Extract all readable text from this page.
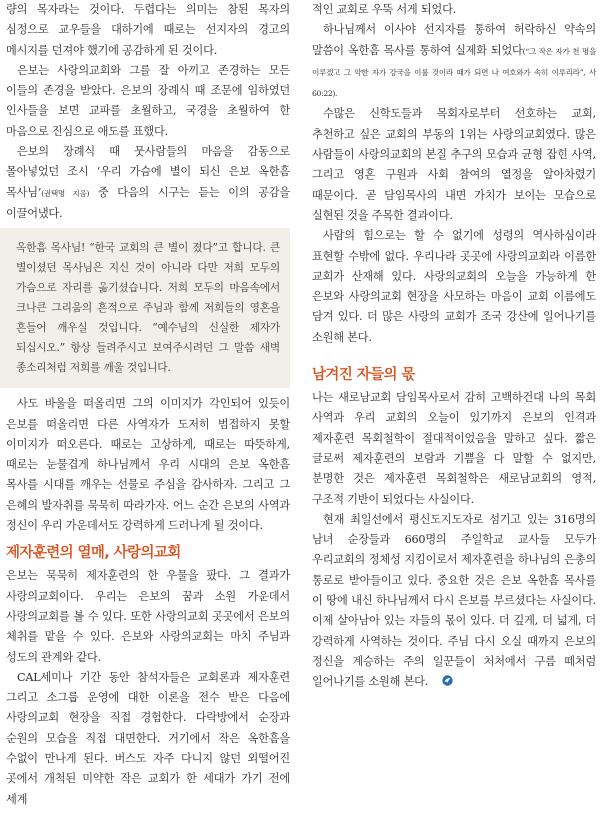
량의 목자라는 것이다. 두렵다는 의미는 참된 목자의 심정으로 교우들을 대하기에 때로는 선지자의 경고의 메시지를 던져야 했기에 공감하게 된 것이다.

은보는 사랑의교회와 그를 잘 아끼고 존경하는 모든 이들의 존경을 받았다. 은보의 장례식 때 조문에 임하였던 인사들을 보면 교파를 초월하고, 국경을 초월하여 한 마음으로 진심으로 애도를 표했다.

은보의 장례식 때 뭇사람들의 마음을 감동으로 몰아넣었던 조시 ‘우리 가슴에 별이 되신 은보 옥한흠 목사님’(권택명 지음) 중 다음의 시구는 듣는 이의 공감을 이끌어냈다.

옥한흠 목사님! “한국 교회의 큰 별이 졌다”고 합니다. 큰 별이셨던 목사님은 지신 것이 아니라 다만 저희 모두의 가슴으로 자리를 옮기셨습니다. 저희 모두의 마음속에서 크나큰 그리움의 흔적으로 주님과 함께 저희들의 영혼을 흔들어 깨우실 것입니다. “예수님의 신실한 제자가 되십시오.” 항상 들려주시고 보여주시려던 그 말씀 새벽 종소리처럼 저희를 깨울 것입니다.

사도 바울을 떠올리면 그의 이미지가 각인되어 있듯이 은보를 떠올리면 다른 사역자가 도저히 범접하지 못할 이미지가 떠오른다. 때로는 고상하게, 때로는 따뜻하게, 때로는 눈물겹게 하나님께서 우리 시대의 은보 옥한흠 목사를 시대를 깨우는 선물로 주심을 감사하자. 그리고 그 은혜의 발자취를 묵묵히 따라가자. 어느 순간 은보의 사역과 정신이 우리 가운데서도 강력하게 드러나게 될 것이다.

제자훈련의 열매, 사랑의교회

은보는 묵묵히 제자훈련의 한 우물을 팠다. 그 결과가 사랑의교회이다. 우리는 은보의 꿈과 소원 가운데서 사랑의교회를 볼 수 있다. 또한 사랑의교회 곳곳에서 은보의 체취를 맡을 수 있다. 은보와 사랑의교회는 마치 주님과 성도의 관계와 같다.

CAL세미나 기간 동안 참석자들은 교회론과 제자훈련 그리고 소그룹 운영에 대한 이론을 전수 받은 다음에 사랑의교회 현장을 직접 경험한다. 다락방에서 순장과 순원의 모습을 직접 대면한다. 거기에서 작은 옥한흠을 수없이 만나게 된다. 버스도 자주 다니지 않던 외떨어진 곳에서 개척된 미약한 작은 교회가 한 세대가 가기 전에 세계

적인 교회로 우뚝 서게 되었다.

하나님께서 이사야 선지자를 통하여 허락하신 약속의 말씀이 옥한흠 목사를 통하여 실제화 되었다(“그 작은 자가 천 명을 이루겠고 그 약한 자가 강국을 이룰 것이라 때가 되면 나 여호와가 속히 이루리라”, 사 60:22).

수많은 신학도들과 목회자로부터 선호하는 교회, 추천하고 싶은 교회의 부동의 1위는 사랑의교회였다. 많은 사람들이 사랑의교회의 본질 추구의 모습과 균형 잡힌 사역, 그리고 영혼 구원과 사회 참여의 열정을 알아차렸기 때문이다. 곧 담임목사의 내면 가치가 보이는 모습으로 실현된 것을 주목한 결과이다.

사람의 힘으로는 할 수 없기에 성령의 역사하심이라 표현할 수밖에 없다. 우리나라 곳곳에 사랑의교회라 이름한 교회가 산재해 있다. 사랑의교회의 오늘을 가능하게 한 은보와 사랑의교회 현장을 사모하는 마음이 교회 이름에도 담겨 있다. 더 많은 사랑의 교회가 조국 강산에 일어나기를 소원해 본다.

남겨진 자들의 몫

나는 새로남교회 담임목사로서 감히 고백하건대 나의 목회 사역과 우리 교회의 오늘이 있기까지 은보의 인격과 제자훈련 목회철학이 절대적이었음을 말하고 싶다. 짧은 글로써 제자훈련의 보람과 기쁨을 다 말할 수 없지만, 분명한 것은 제자훈련 목회철학은 새로남교회의 영적, 구조적 기반이 되었다는 사실이다.

현재 최일선에서 평신도지도자로 섬기고 있는 316명의 남녀 순장들과 660명의 주일학교 교사들 모두가 우리교회의 정체성 지킴이로서 제자훈련을 하나님의 은총의 통로로 받아들이고 있다. 중요한 것은 은보 옥한흠 목사를 이 땅에 내신 하나님께서 다시 은보를 부르셨다는 사실이다. 이제 살아남아 있는 자들의 몫이 있다. 더 깊게, 더 넓게, 더 강력하게 사역하는 것이다. 주님 다시 오실 때까지 은보의 정신을 계승하는 주의 일꾼들이 처처에서 구름 떼처럼 일어나기를 소원해 본다.
